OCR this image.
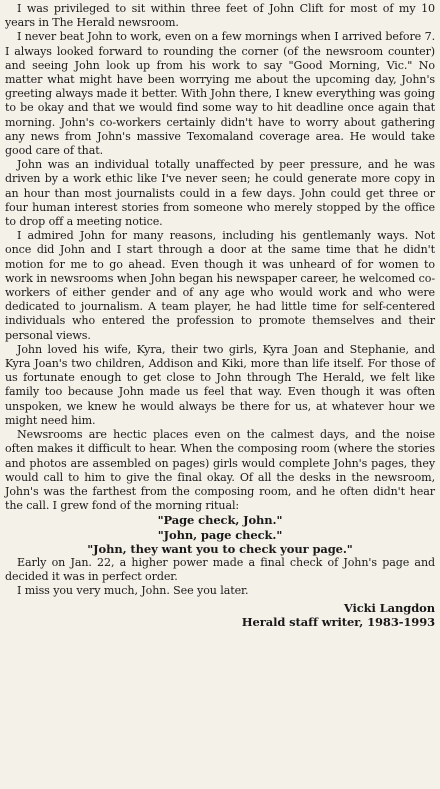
I was privileged to sit within three feet of John Clift for most of my 10 years in The Herald newsroom.

I never beat John to work, even on a few mornings when I arrived before 7. I always looked forward to rounding the corner (of the newsroom counter) and seeing John look up from his work to say "Good Morning, Vic." No matter what might have been worrying me about the upcoming day, John's greeting always made it better. With John there, I knew everything was going to be okay and that we would find some way to hit deadline once again that morning. John's co-workers certainly didn't have to worry about gathering any news from John's massive Texomaland coverage area. He would take good care of that.

John was an individual totally unaffected by peer pressure, and he was driven by a work ethic like I've never seen; he could generate more copy in an hour than most journalists could in a few days. John could get three or four human interest stories from someone who merely stopped by the office to drop off a meeting notice.

I admired John for many reasons, including his gentlemanly ways. Not once did John and I start through a door at the same time that he didn't motion for me to go ahead. Even though it was unheard of for women to work in newsrooms when John began his newspaper career, he welcomed co-workers of either gender and of any age who would work and who were dedicated to journalism. A team player, he had little time for self-centered individuals who entered the profession to promote themselves and their personal views.

John loved his wife, Kyra, their two girls, Kyra Joan and Stephanie, and Kyra Joan's two children, Addison and Kiki, more than life itself. For those of us fortunate enough to get close to John through The Herald, we felt like family too because John made us feel that way. Even though it was often unspoken, we knew he would always be there for us, at whatever hour we might need him.

Newsrooms are hectic places even on the calmest days, and the noise often makes it difficult to hear. When the composing room (where the stories and photos are assembled on pages) girls would complete John's pages, they would call to him to give the final okay. Of all the desks in the newsroom, John's was the farthest from the composing room, and he often didn't hear the call. I grew fond of the morning ritual:

"Page check, John."

"John, page check."

"John, they want you to check your page."

Early on Jan. 22, a higher power made a final check of John's page and decided it was in perfect order.

I miss you very much, John. See you later.

Vicki Langdon
Herald staff writer, 1983-1993
